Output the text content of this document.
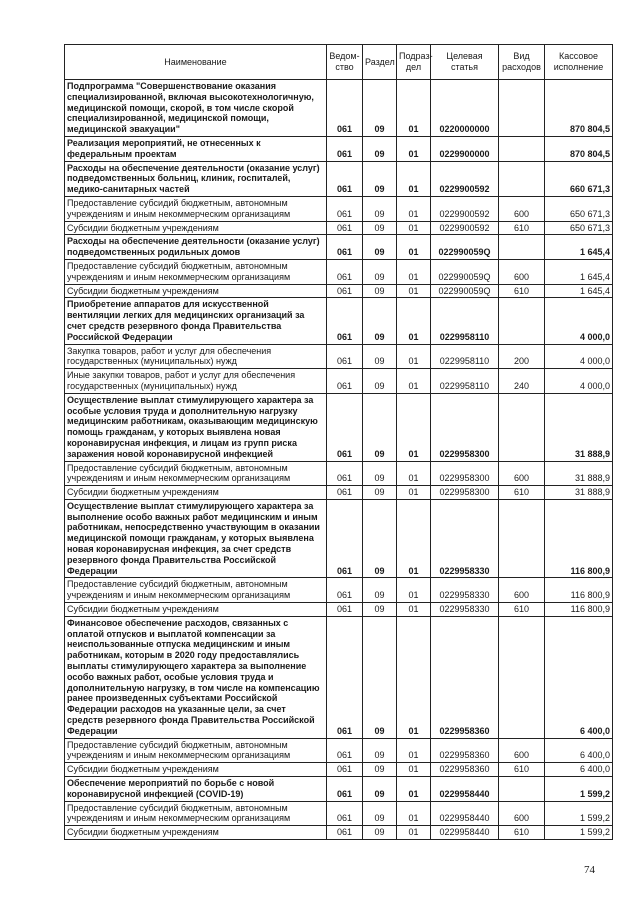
Наименование	Ведом-ство	Раздел	Подраз-дел	Целевая статья	Вид расходов	Кассовое исполнение
Подпрограмма "Совершенствование оказания специализированной, включая высокотехнологичную, медицинской помощи, скорой, в том числе скорой специализированной, медицинской помощи, медицинской эвакуации"	061	09	01	0220000000		870 804,5
Реализация мероприятий, не отнесенных к федеральным проектам	061	09	01	0229900000		870 804,5
Расходы на обеспечение деятельности (оказание услуг) подведомственных больниц, клиник, госпиталей, медико-санитарных частей	061	09	01	0229900592		660 671,3
Предоставление субсидий бюджетным, автономным учреждениям и иным некоммерческим организациям	061	09	01	0229900592	600	650 671,3
Субсидии бюджетным учреждениям	061	09	01	0229900592	610	650 671,3
Расходы на обеспечение деятельности (оказание услуг) подведомственных родильных домов	061	09	01	022990059Q		1 645,4
Предоставление субсидий бюджетным, автономным учреждениям и иным некоммерческим организациям	061	09	01	022990059Q	600	1 645,4
Субсидии бюджетным учреждениям	061	09	01	022990059Q	610	1 645,4
Приобретение аппаратов для искусственной вентиляции легких для медицинских организаций за счет средств резервного фонда Правительства Российской Федерации	061	09	01	0229958110		4 000,0
Закупка товаров, работ и услуг для обеспечения государственных (муниципальных) нужд	061	09	01	0229958110	200	4 000,0
Иные закупки товаров, работ и услуг для обеспечения государственных (муниципальных) нужд	061	09	01	0229958110	240	4 000,0
Осуществление выплат стимулирующего характера за особые условия труда и дополнительную нагрузку медицинским работникам, оказывающим медицинскую помощь гражданам, у которых выявлена новая коронавирусная инфекция, и лицам из групп риска заражения новой коронавирусной инфекцией	061	09	01	0229958300		31 888,9
Предоставление субсидий бюджетным, автономным учреждениям и иным некоммерческим организациям	061	09	01	0229958300	600	31 888,9
Субсидии бюджетным учреждениям	061	09	01	0229958300	610	31 888,9
Осуществление выплат стимулирующего характера за выполнение особо важных работ медицинским и иным работникам, непосредственно участвующим в оказании медицинской помощи гражданам, у которых выявлена новая коронавирусная инфекция, за счет средств резервного фонда Правительства Российской Федерации	061	09	01	0229958330		116 800,9
Предоставление субсидий бюджетным, автономным учреждениям и иным некоммерческим организациям	061	09	01	0229958330	600	116 800,9
Субсидии бюджетным учреждениям	061	09	01	0229958330	610	116 800,9
Финансовое обеспечение расходов, связанных с оплатой отпусков и выплатой компенсации за неиспользованные отпуска медицинским и иным работникам, которым в 2020 году предоставлялись выплаты стимулирующего характера за выполнение особо важных работ, особые условия труда и дополнительную нагрузку, в том числе на компенсацию ранее произведенных субъектами Российской Федерации расходов на указанные цели, за счет средств резервного фонда Правительства Российской Федерации	061	09	01	0229958360		6 400,0
Предоставление субсидий бюджетным, автономным учреждениям и иным некоммерческим организациям	061	09	01	0229958360	600	6 400,0
Субсидии бюджетным учреждениям	061	09	01	0229958360	610	6 400,0
Обеспечение мероприятий по борьбе с новой коронавирусной инфекцией (COVID-19)	061	09	01	0229958440		1 599,2
Предоставление субсидий бюджетным, автономным учреждениям и иным некоммерческим организациям	061	09	01	0229958440	600	1 599,2
Субсидии бюджетным учреждениям	061	09	01	0229958440	610	1 599,2
74
